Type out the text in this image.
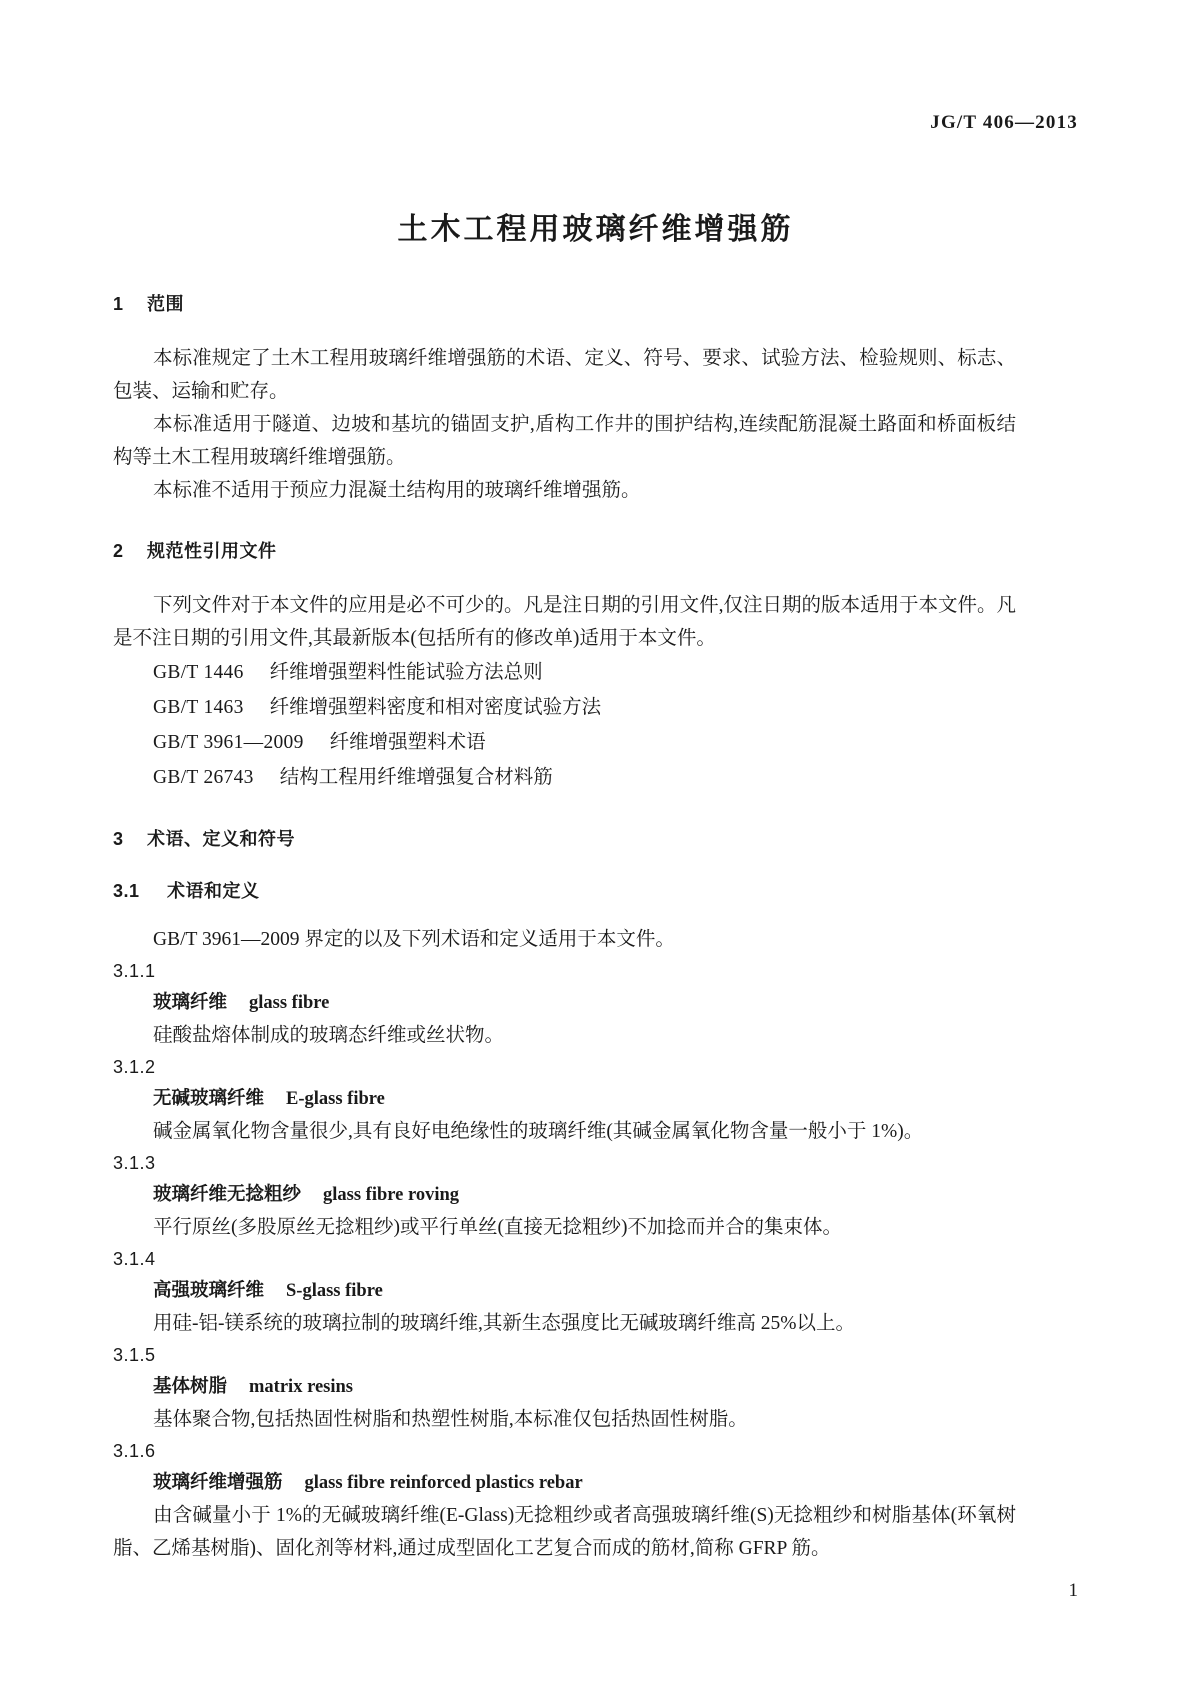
JG/T 406—2013
土木工程用玻璃纤维增强筋
1 范围

本标准规定了土木工程用玻璃纤维增强筋的术语、定义、符号、要求、试验方法、检验规则、标志、包装、运输和贮存。

本标准适用于隧道、边坡和基坑的锚固支护,盾构工作井的围护结构,连续配筋混凝土路面和桥面板结构等土木工程用玻璃纤维增强筋。

本标准不适用于预应力混凝土结构用的玻璃纤维增强筋。

2 规范性引用文件

下列文件对于本文件的应用是必不可少的。凡是注日期的引用文件,仅注日期的版本适用于本文件。凡是不注日期的引用文件,其最新版本(包括所有的修改单)适用于本文件。

GB/T 1446 纤维增强塑料性能试验方法总则
GB/T 1463 纤维增强塑料密度和相对密度试验方法
GB/T 3961—2009 纤维增强塑料术语
GB/T 26743 结构工程用纤维增强复合材料筋
3 术语、定义和符号
3.1 术语和定义

GB/T 3961—2009 界定的以及下列术语和定义适用于本文件。

3.1.1
玻璃纤维 glass fibre
硅酸盐熔体制成的玻璃态纤维或丝状物。
3.1.2
无碱玻璃纤维 E-glass fibre
碱金属氧化物含量很少,具有良好电绝缘性的玻璃纤维(其碱金属氧化物含量一般小于 1%)。
3.1.3
玻璃纤维无捻粗纱 glass fibre roving
平行原丝(多股原丝无捻粗纱)或平行单丝(直接无捻粗纱)不加捻而并合的集束体。
3.1.4
高强玻璃纤维 S-glass fibre
用硅-铝-镁系统的玻璃拉制的玻璃纤维,其新生态强度比无碱玻璃纤维高 25%以上。
3.1.5
基体树脂 matrix resins
基体聚合物,包括热固性树脂和热塑性树脂,本标准仅包括热固性树脂。
3.1.6
玻璃纤维增强筋 glass fibre reinforced plastics rebar
由含碱量小于 1%的无碱玻璃纤维(E-Glass)无捻粗纱或者高强玻璃纤维(S)无捻粗纱和树脂基体(环氧树脂、乙烯基树脂)、固化剂等材料,通过成型固化工艺复合而成的筋材,简称 GFRP 筋。
1
